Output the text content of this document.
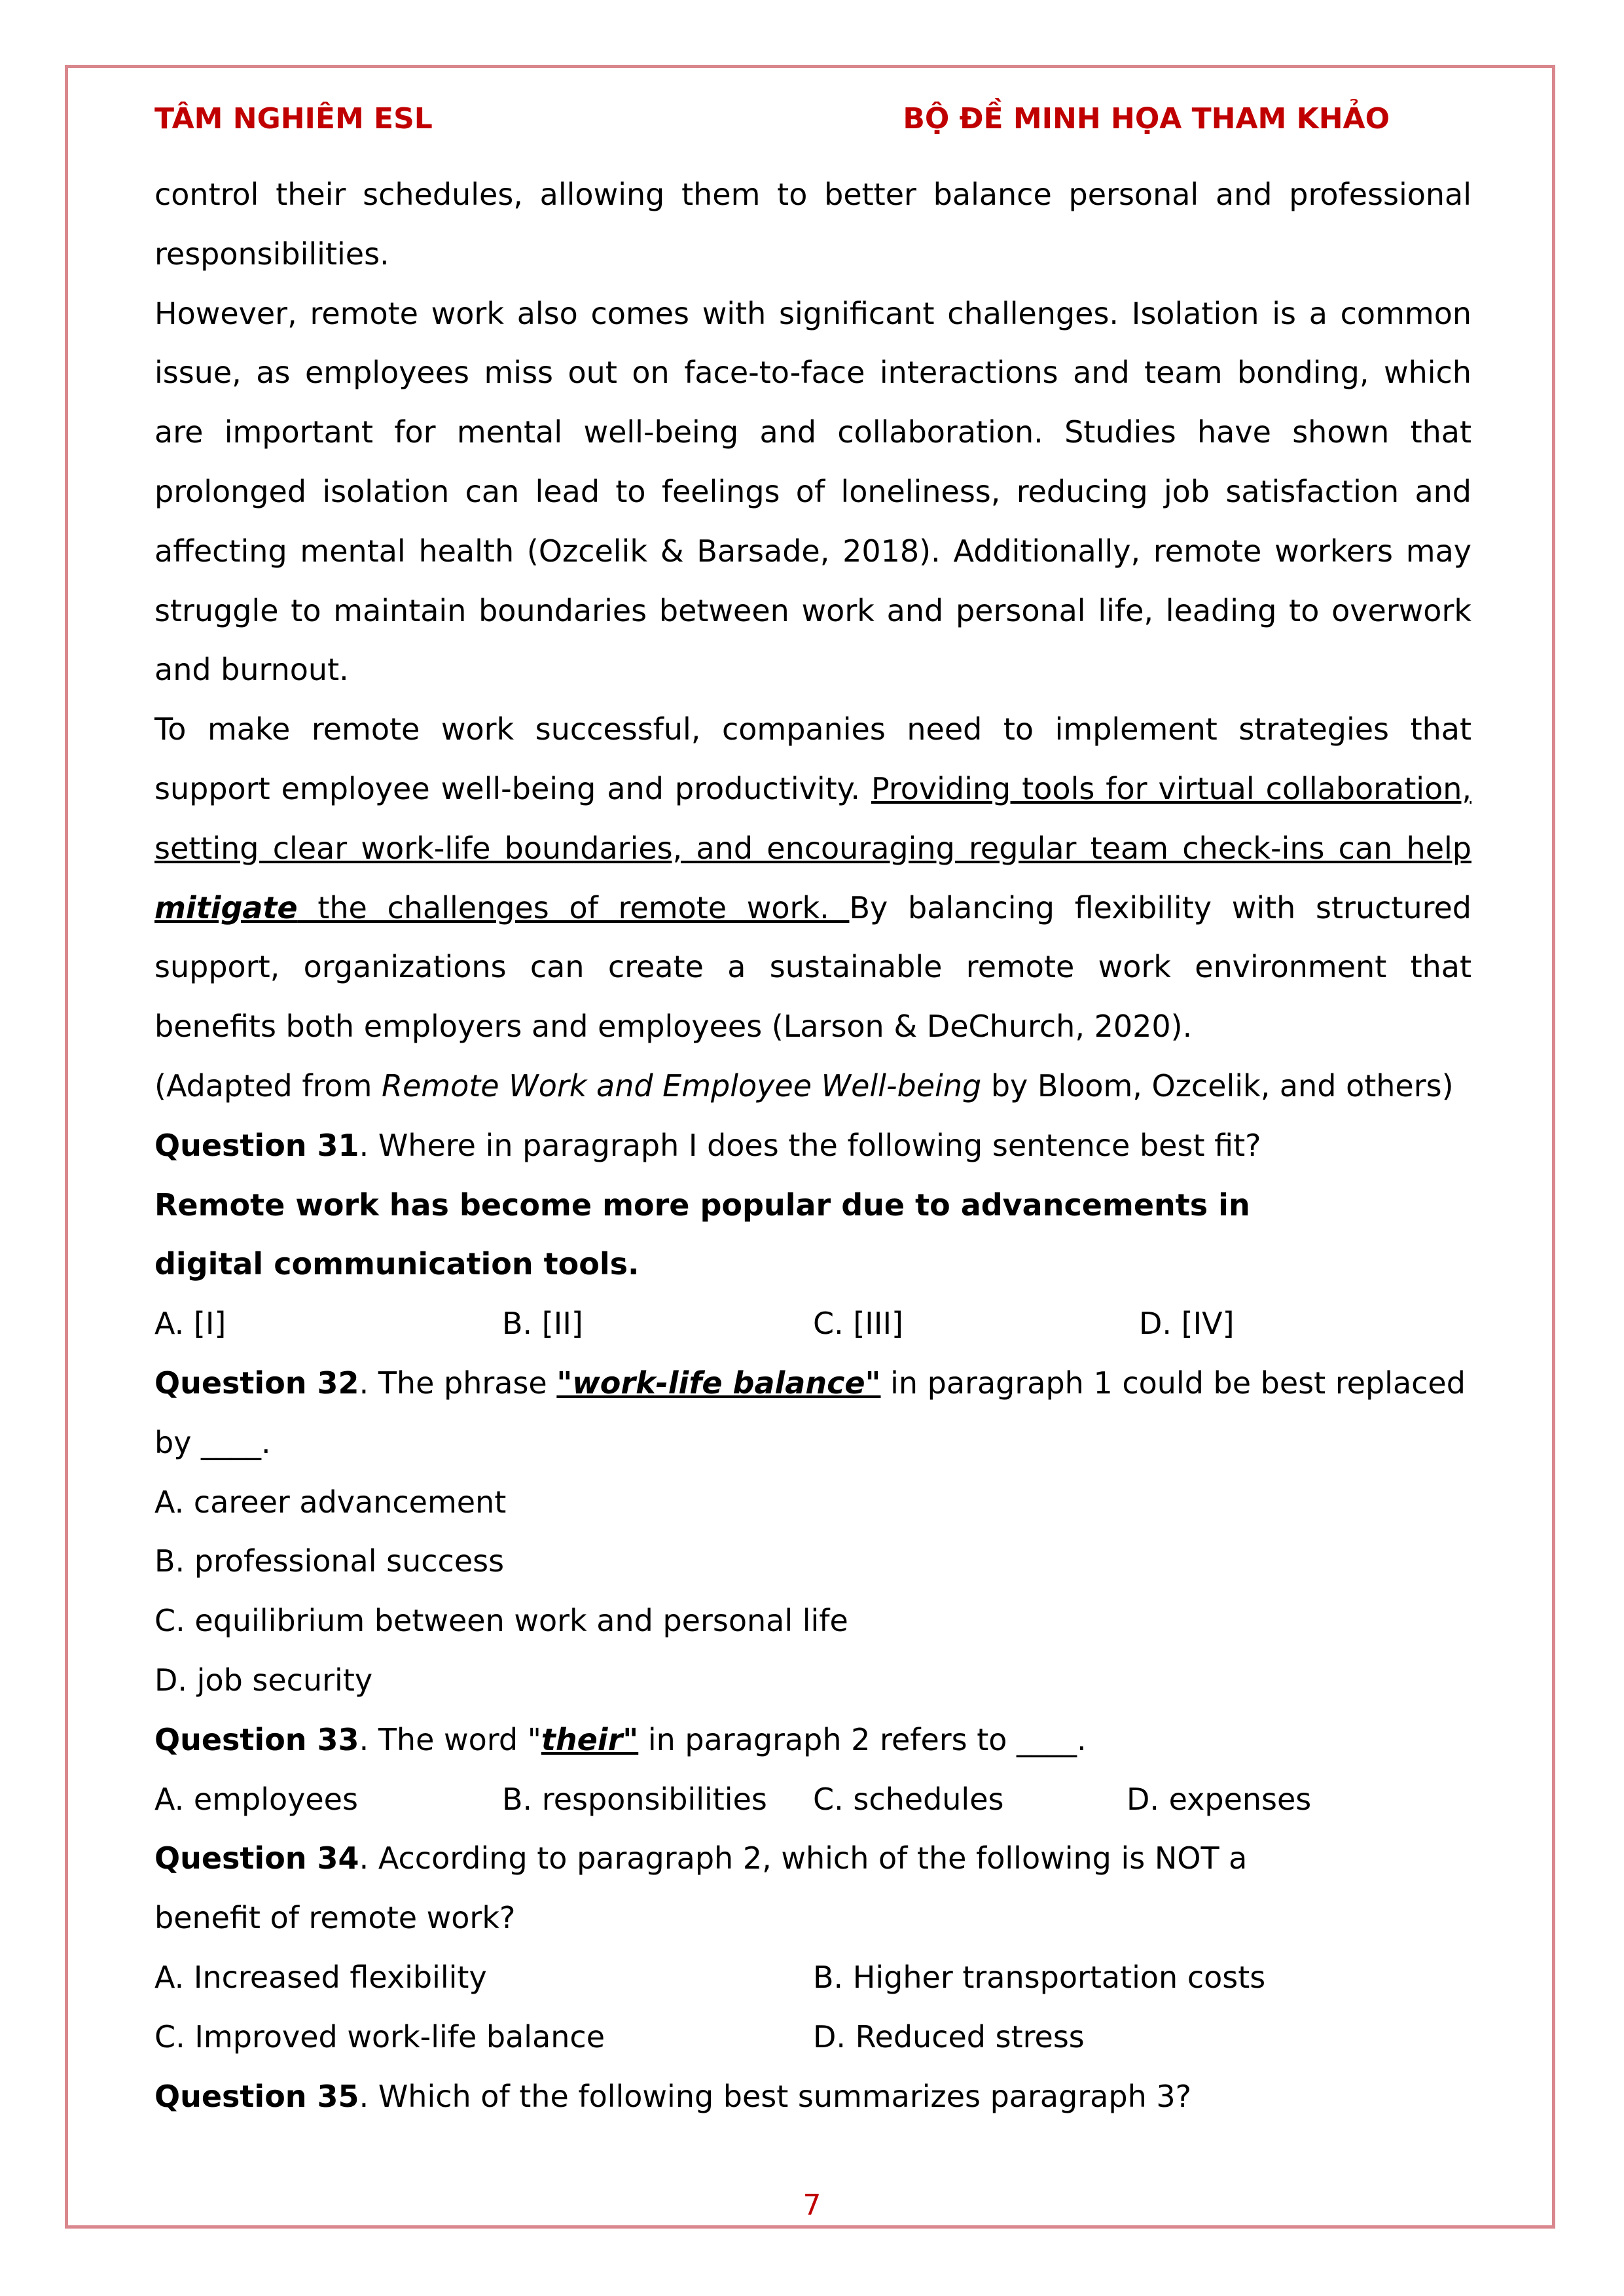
TÂM NGHIÊM ESL	BỘ ĐỀ MINH HỌA THAM KHẢO

control their schedules, allowing them to better balance personal and professional responsibilities.

However, remote work also comes with significant challenges. Isolation is a common issue, as employees miss out on face-to-face interactions and team bonding, which are important for mental well-being and collaboration. Studies have shown that prolonged isolation can lead to feelings of loneliness, reducing job satisfaction and affecting mental health (Ozcelik & Barsade, 2018). Additionally, remote workers may struggle to maintain boundaries between work and personal life, leading to overwork and burnout.

To make remote work successful, companies need to implement strategies that support employee well-being and productivity. Providing tools for virtual collaboration, setting clear work-life boundaries, and encouraging regular team check-ins can help mitigate the challenges of remote work. By balancing flexibility with structured support, organizations can create a sustainable remote work environment that benefits both employers and employees (Larson & DeChurch, 2020).

(Adapted from Remote Work and Employee Well-being by Bloom, Ozcelik, and others)

Question 31. Where in paragraph I does the following sentence best fit?

Remote work has become more popular due to advancements in digital communication tools.

A. [I]	B. [II]	C. [III]	D. [IV]

Question 32. The phrase "work-life balance" in paragraph 1 could be best replaced by ____.

A. career advancement

B. professional success

C. equilibrium between work and personal life

D. job security

Question 33. The word "their" in paragraph 2 refers to ____.

A. employees	B. responsibilities C. schedules	D. expenses

Question 34. According to paragraph 2, which of the following is NOT a benefit of remote work?

A. Increased flexibility	B. Higher transportation costs
C. Improved work-life balance	D. Reduced stress

Question 35. Which of the following best summarizes paragraph 3?

7
